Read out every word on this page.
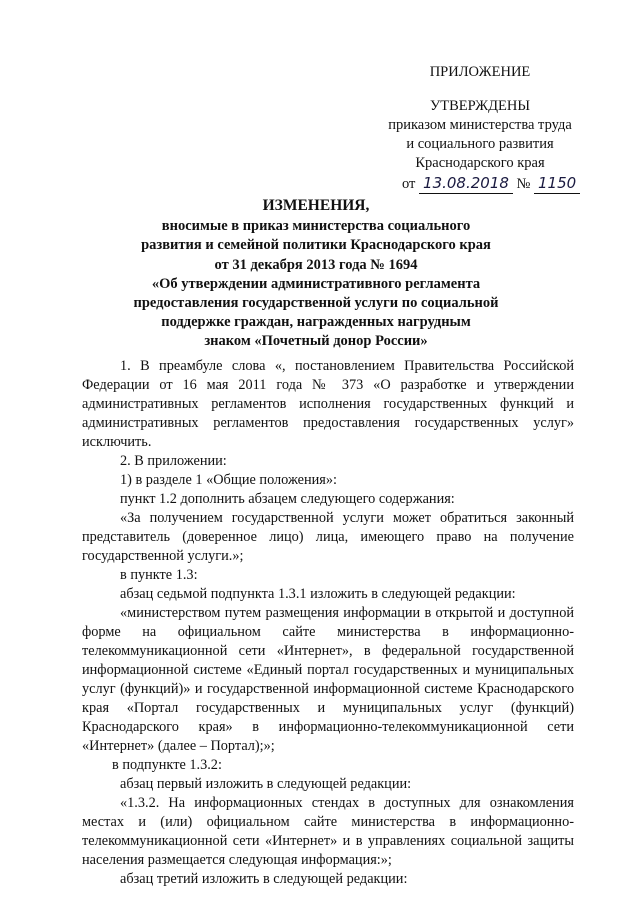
ПРИЛОЖЕНИЕ
УТВЕРЖДЕНЫ
приказом министерства труда
и социального развития
Краснодарского края
от 13.08.2018 № 1150
ИЗМЕНЕНИЯ,
вносимые в приказ министерства социального
развития и семейной политики Краснодарского края
от 31 декабря 2013 года № 1694
«Об утверждении административного регламента
предоставления государственной услуги по социальной
поддержке граждан, награжденных нагрудным
знаком «Почетный донор России»
1. В преамбуле слова «, постановлением Правительства Российской Федерации от 16 мая 2011 года № 373 «О разработке и утверждении административных регламентов исполнения государственных функций и административных регламентов предоставления государственных услуг» исключить.
2. В приложении:
1) в разделе 1 «Общие положения»:
пункт 1.2 дополнить абзацем следующего содержания:
«За получением государственной услуги может обратиться законный представитель (доверенное лицо) лица, имеющего право на получение государственной услуги.»;
в пункте 1.3:
абзац седьмой подпункта 1.3.1 изложить в следующей редакции:
«министерством путем размещения информации в открытой и доступной форме на официальном сайте министерства в информационно-телекоммуникационной сети «Интернет», в федеральной государственной информационной системе «Единый портал государственных и муниципальных услуг (функций)» и государственной информационной системе Краснодарского края «Портал государственных и муниципальных услуг (функций) Краснодарского края» в информационно-телекоммуникационной сети «Интернет» (далее – Портал);»;
в подпункте 1.3.2:
абзац первый изложить в следующей редакции:
«1.3.2. На информационных стендах в доступных для ознакомления местах и (или) официальном сайте министерства в информационно-телекоммуникационной сети «Интернет» и в управлениях социальной защиты населения размещается следующая информация:»;
абзац третий изложить в следующей редакции:
